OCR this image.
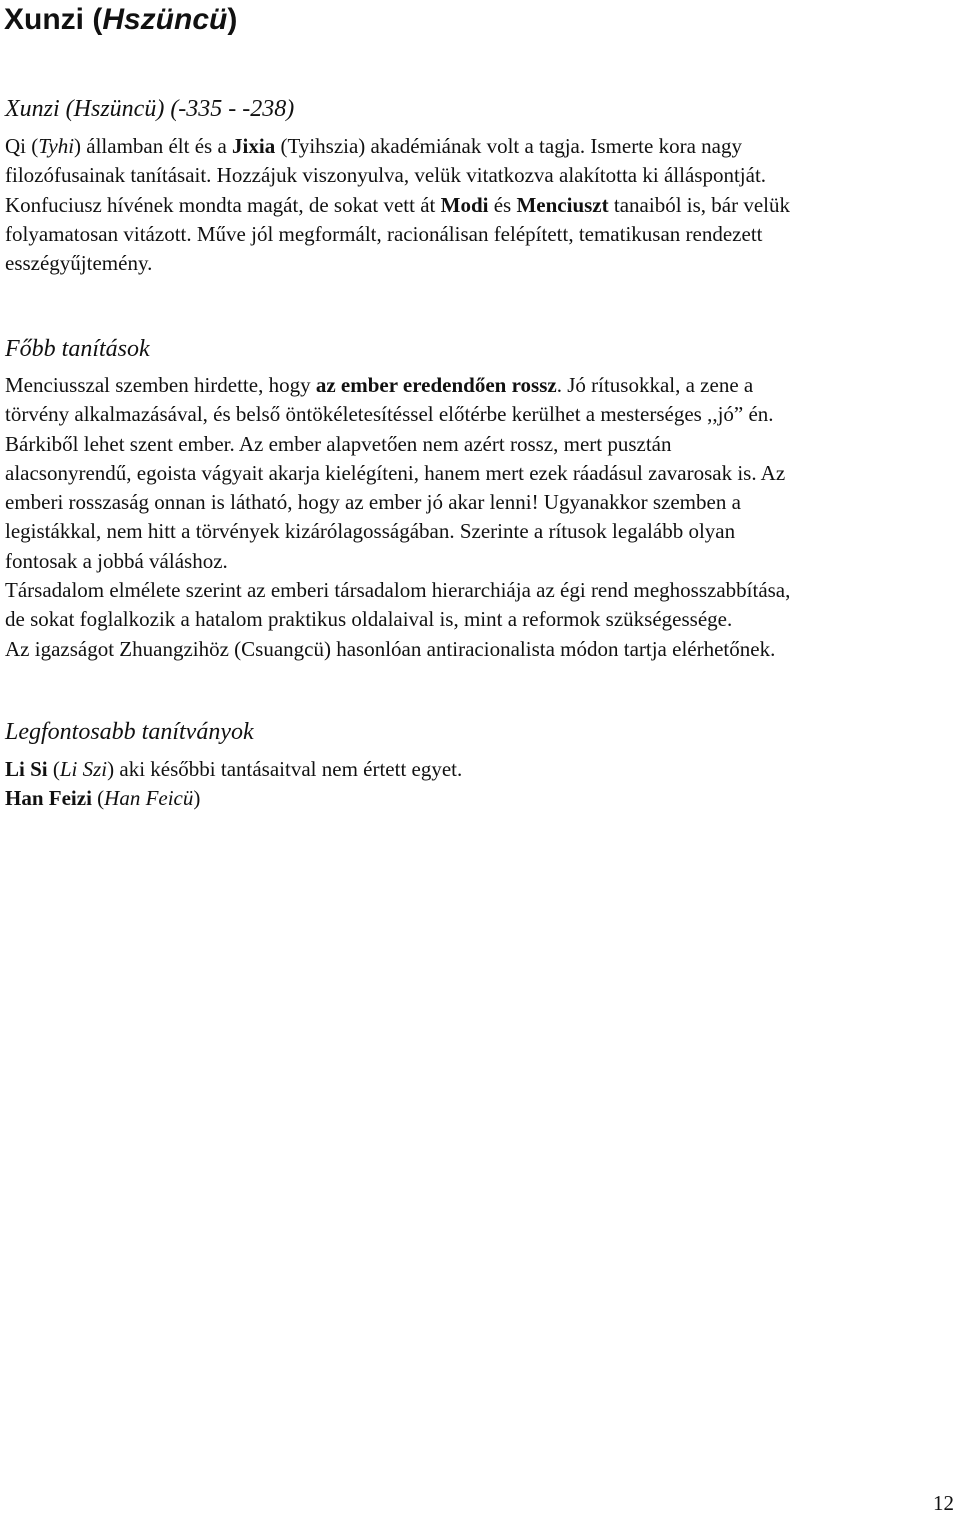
Xunzi (Hszüncü)
Xunzi (Hszüncü) (-335 - -238)
Qi (Tyhi) államban élt és a Jixia (Tyihszia) akadémiának volt a tagja. Ismerte kora nagy
filozófusainak tanításait. Hozzájuk viszonyulva, velük vitatkozva alakította ki álláspontját.
Konfuciusz hívének mondta magát, de sokat vett át Modi és Menciuszt tanaiból is, bár velük
folyamatosan vitázott. Műve jól megformált, racionálisan felépített, tematikusan rendezett
esszégyűjtemény.
Főbb tanítások
Menciusszal szemben hirdette, hogy az ember eredendően rossz. Jó rítusokkal, a zene a
törvény alkalmazásával, és belső öntökéletesítéssel előtérbe kerülhet a mesterséges ,,jó” én.
Bárkiből lehet szent ember. Az ember alapvetően nem azért rossz, mert pusztán
alacsonyrendű, egoista vágyait akarja kielégíteni, hanem mert ezek ráadásul zavarosak is. Az
emberi rosszaság onnan is látható, hogy az ember jó akar lenni! Ugyanakkor szemben a
legistákkal, nem hitt a törvények kizárólagosságában. Szerinte a rítusok legalább olyan
fontosak a jobbá váláshoz.
Társadalom elmélete szerint az emberi társadalom hierarchiája az égi rend meghosszabbítása,
de sokat foglalkozik a hatalom praktikus oldalaival is, mint a reformok szükségessége.
Az igazságot Zhuangzihöz (Csuangcü) hasonlóan antiracionalista módon tartja elérhetőnek.
Legfontosabb tanítványok
Li Si (Li Szi) aki későbbi tantásaitval nem értett egyet.
Han Feizi (Han Feicü)
12
